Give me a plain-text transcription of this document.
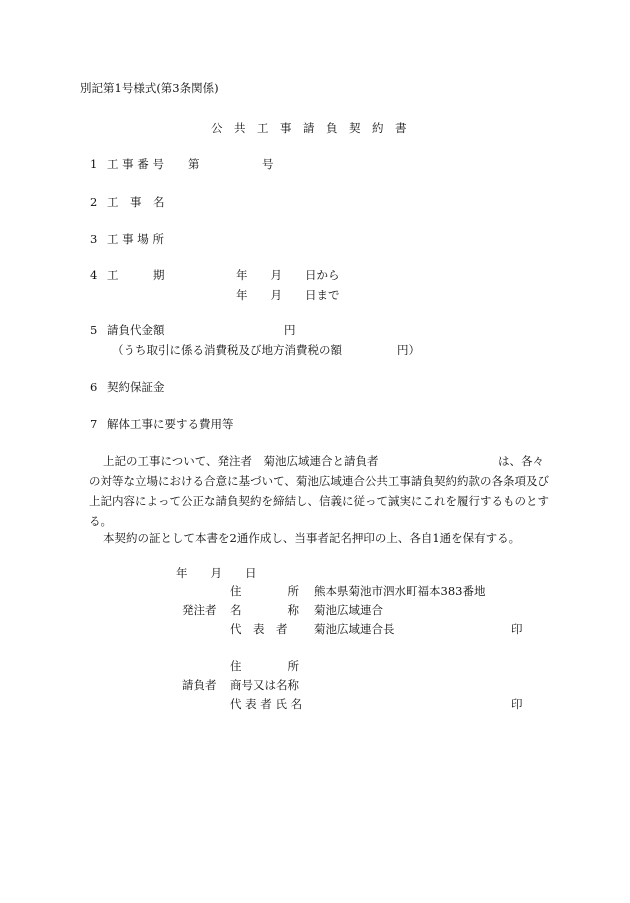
別記第1号様式(第3条関係)
公　共　工　事　請　負　契　約　書
1 工 事 番 号 第	号
2 工　事　名
3 工 事 場 所
4 工　　　期	年　　月　　日から
年　　月　　日まで
5 請負代金額	円
（うち取引に係る消費税及び地方消費税の額	円）
6 契約保証金
7 解体工事に要する費用等
上記の工事について、発注者　菊池広域連合と請負者	は、各々
の対等な立場における合意に基づいて、菊池広域連合公共工事請負契約約款の各条項及び上記内容によって公正な請負契約を締結し、信義に従って誠実にこれを履行するものとする。
本契約の証として本書を2通作成し、当事者記名押印の上、各自1通を保有する。
年　　月　　日
住　　　　所 熊本県菊池市泗水町福本383番地
発注者 名　　　　称 菊池広域連合
代　表　者 菊池広域連合長	印
住　　　　所
請負者 商号又は名称
代 表 者 氏 名	印
